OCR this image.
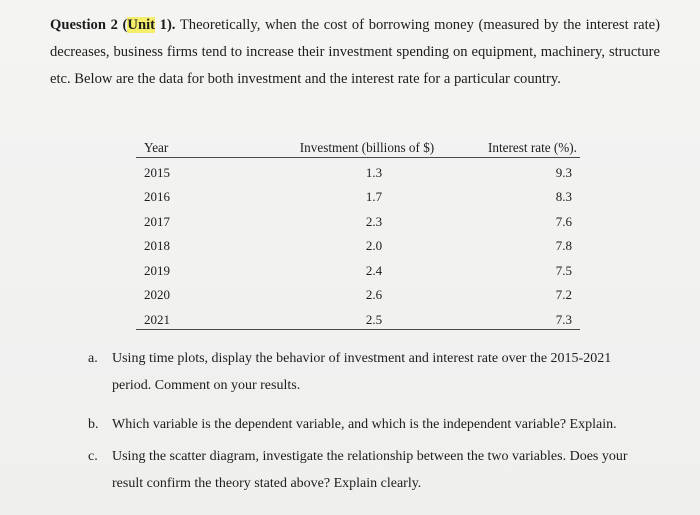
Question 2 (Unit 1). Theoretically, when the cost of borrowing money (measured by the interest rate) decreases, business firms tend to increase their investment spending on equipment, machinery, structure etc. Below are the data for both investment and the interest rate for a particular country.
Year	Investment (billions of $)	Interest rate (%).
2015	1.3	9.3
2016	1.7	8.3
2017	2.3	7.6
2018	2.0	7.8
2019	2.4	7.5
2020	2.6	7.2
2021	2.5	7.3
a. Using time plots, display the behavior of investment and interest rate over the 2015-2021 period. Comment on your results.
b. Which variable is the dependent variable, and which is the independent variable? Explain.
c. Using the scatter diagram, investigate the relationship between the two variables. Does your result confirm the theory stated above? Explain clearly.
